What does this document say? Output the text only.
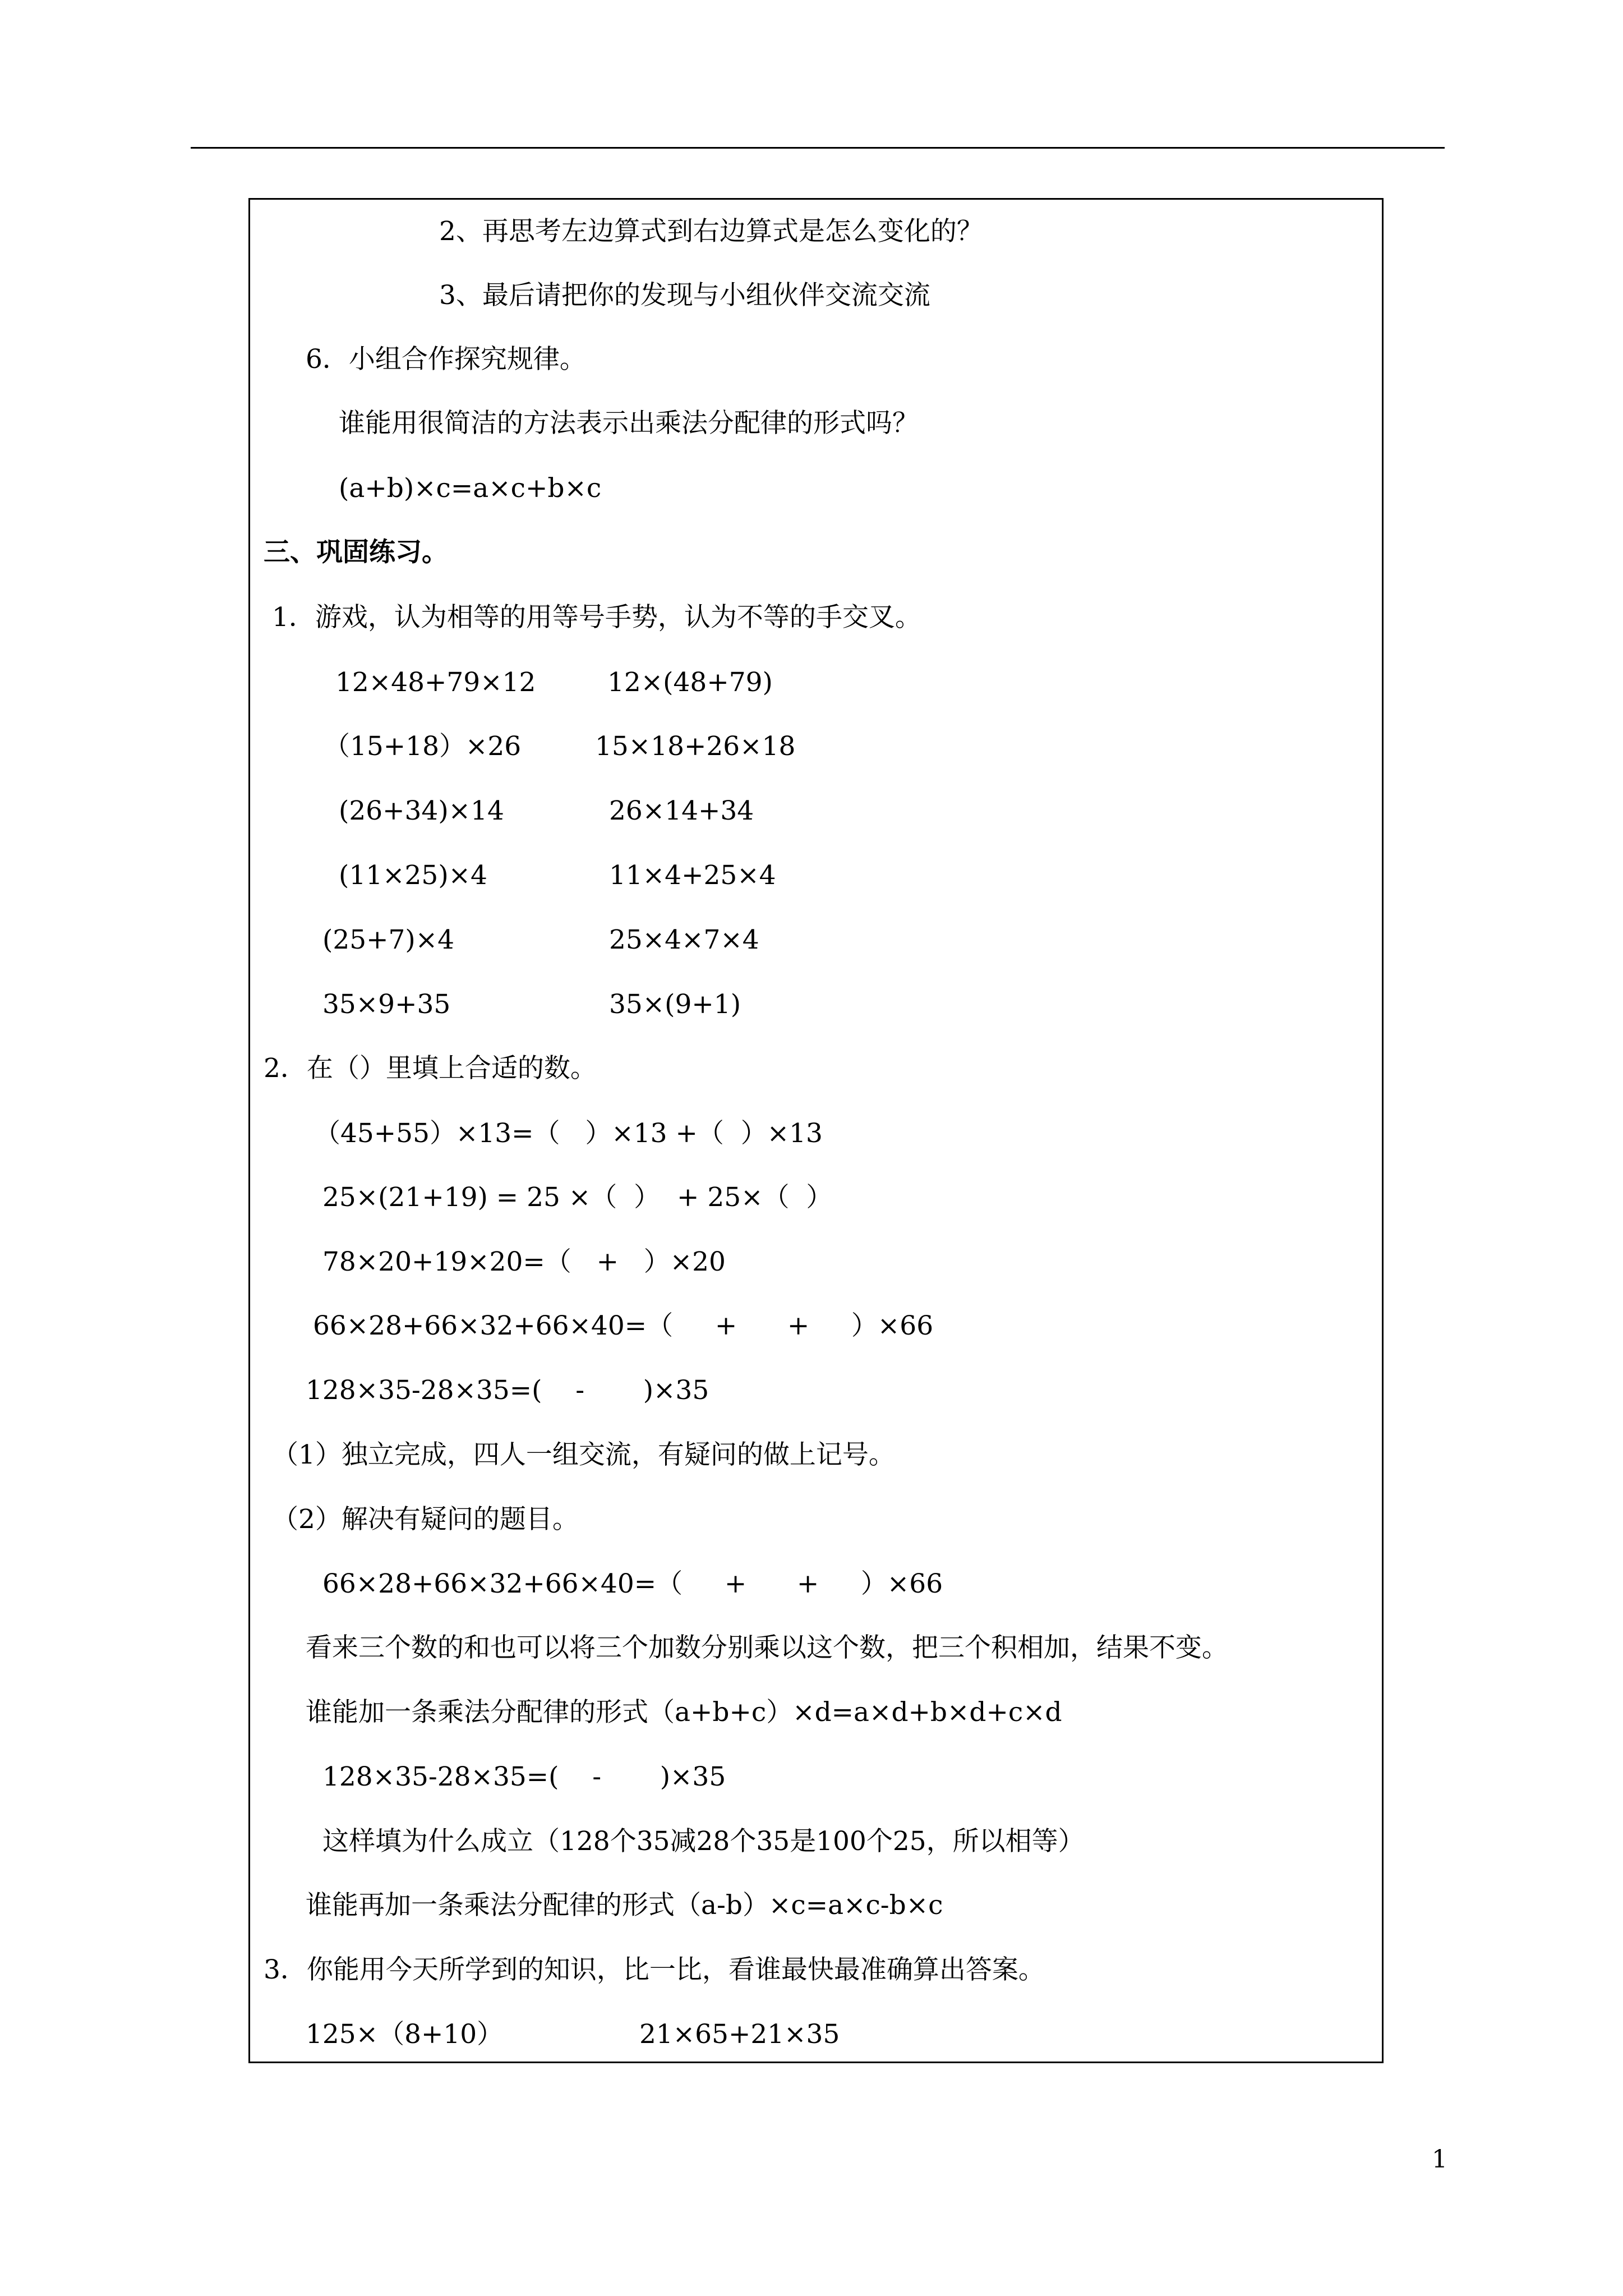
2、再思考左边算式到右边算式是怎么变化的？
3、最后请把你的发现与小组伙伴交流交流
6．小组合作探究规律。
谁能用很简洁的方法表示出乘法分配律的形式吗？
(a+b)×c=a×c+b×c
三、巩固练习。
1．游戏，认为相等的用等号手势，认为不等的手交叉。
12×48+79×12	12×(48+79)
（15+18）×26	15×18+26×18
(26+34)×14	26×14+34
(11×25)×4	11×4+25×4
(25+7)×4	25×4×7×4
35×9+35	35×(9+1)
2．在（）里填上合适的数。
（45+55）×13=（   ）×13 +（  ）×13
25×(21+19) = 25 ×（  ）  + 25×（  ）
78×20+19×20=（   +   ）×20
66×28+66×32+66×40=（     +      +     ）×66
128×35-28×35=(    -       )×35
（1）独立完成，四人一组交流，有疑问的做上记号。
（2）解决有疑问的题目。
66×28+66×32+66×40=（     +      +     ）×66
看来三个数的和也可以将三个加数分别乘以这个数，把三个积相加，结果不变。
谁能加一条乘法分配律的形式（a+b+c）×d=a×d+b×d+c×d
128×35-28×35=(    -       )×35
这样填为什么成立（128个35减28个35是100个25，所以相等）
谁能再加一条乘法分配律的形式（a-b）×c=a×c-b×c
3．你能用今天所学到的知识，比一比，看谁最快最准确算出答案。
125×（8+10）	21×65+21×35
1
